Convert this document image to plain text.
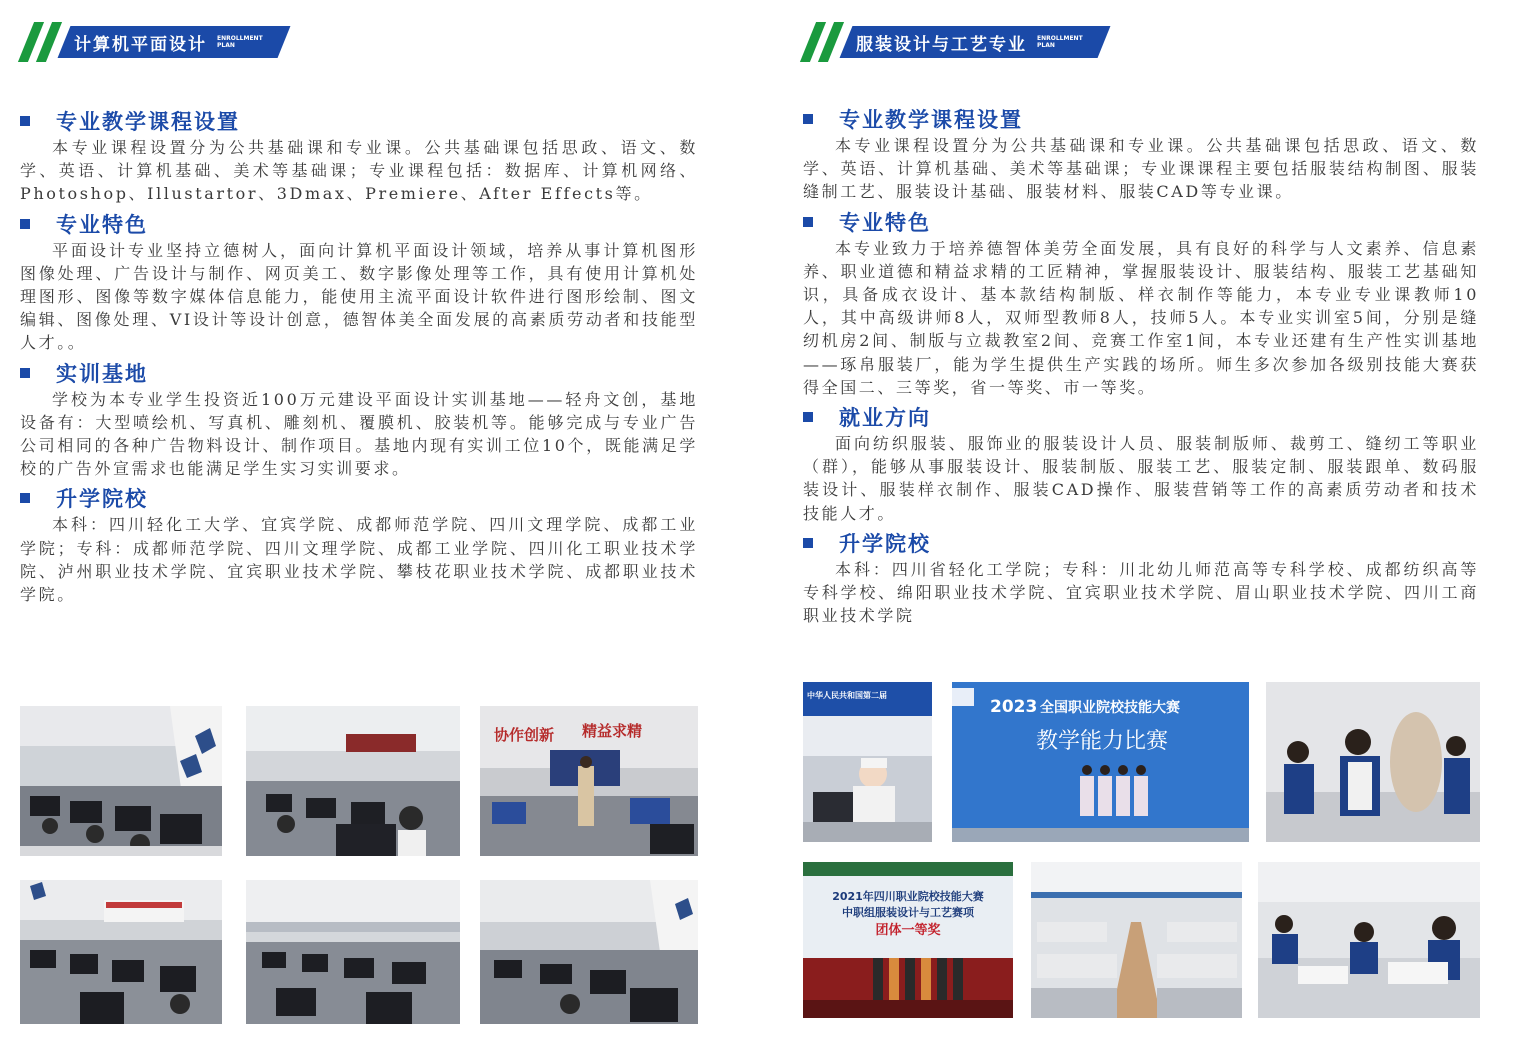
计算机平面设计 ENROLLMENT
PLAN	服装设计与工艺专业 ENROLLMENT
PLAN
专业教学课程设置

本专业课程设置分为公共基础课和专业课。公共基础课包括思政、语文、数学、英语、计算机基础、美术等基础课；专业课程包括：数据库、计算机网络、Photoshop、Illustartor、3Dmax、Premiere、After Effects等。

专业特色

平面设计专业坚持立德树人，面向计算机平面设计领域，培养从事计算机图形图像处理、广告设计与制作、网页美工、数字影像处理等工作，具有使用计算机处理图形、图像等数字媒体信息能力，能使用主流平面设计软件进行图形绘制、图文编辑、图像处理、VI设计等设计创意，德智体美全面发展的高素质劳动者和技能型人才。。

实训基地

学校为本专业学生投资近100万元建设平面设计实训基地——轻舟文创，基地设备有：大型喷绘机、写真机、雕刻机、覆膜机、胶装机等。能够完成与专业广告公司相同的各种广告物料设计、制作项目。基地内现有实训工位10个，既能满足学校的广告外宣需求也能满足学生实习实训要求。

升学院校

本科：四川轻化工大学、宜宾学院、成都师范学院、四川文理学院、成都工业学院；专科：成都师范学院、四川文理学院、成都工业学院、四川化工职业技术学院、泸州职业技术学院、宜宾职业技术学院、攀枝花职业技术学院、成都职业技术学院。

专业教学课程设置

本专业课程设置分为公共基础课和专业课。公共基础课包括思政、语文、数学、英语、计算机基础、美术等基础课；专业课课程主要包括服装结构制图、服装缝制工艺、服装设计基础、服装材料、服装CAD等专业课。

专业特色

本专业致力于培养德智体美劳全面发展，具有良好的科学与人文素养、信息素养、职业道德和精益求精的工匠精神，掌握服装设计、服装结构、服装工艺基础知识，具备成衣设计、基本款结构制版、样衣制作等能力，本专业专业课教师10人，其中高级讲师8人，双师型教师8人，技师5人。本专业实训室5间，分别是缝纫机房2间、制版与立裁教室2间、竞赛工作室1间，本专业还建有生产性实训基地——琢帛服装厂，能为学生提供生产实践的场所。师生多次参加各级别技能大赛获得全国二、三等奖，省一等奖、市一等奖。

就业方向

面向纺织服装、服饰业的服装设计人员、服装制版师、裁剪工、缝纫工等职业（群），能够从事服装设计、服装制版、服装工艺、服装定制、服装跟单、数码服装设计、服装样衣制作、服装CAD操作、服装营销等工作的高素质劳动者和技术技能人才。

升学院校

本科：四川省轻化工学院；专科：川北幼儿师范高等专科学校、成都纺织高等专科学校、绵阳职业技术学院、宜宾职业技术学院、眉山职业技术学院、四川工商职业技术学院

协作创新 精益求精
中华人民共和国第二届
2023 全国职业院校技能大赛
教学能力比赛
2021年四川职业院校技能大赛
中职组服装设计与工艺赛项
团体一等奖
